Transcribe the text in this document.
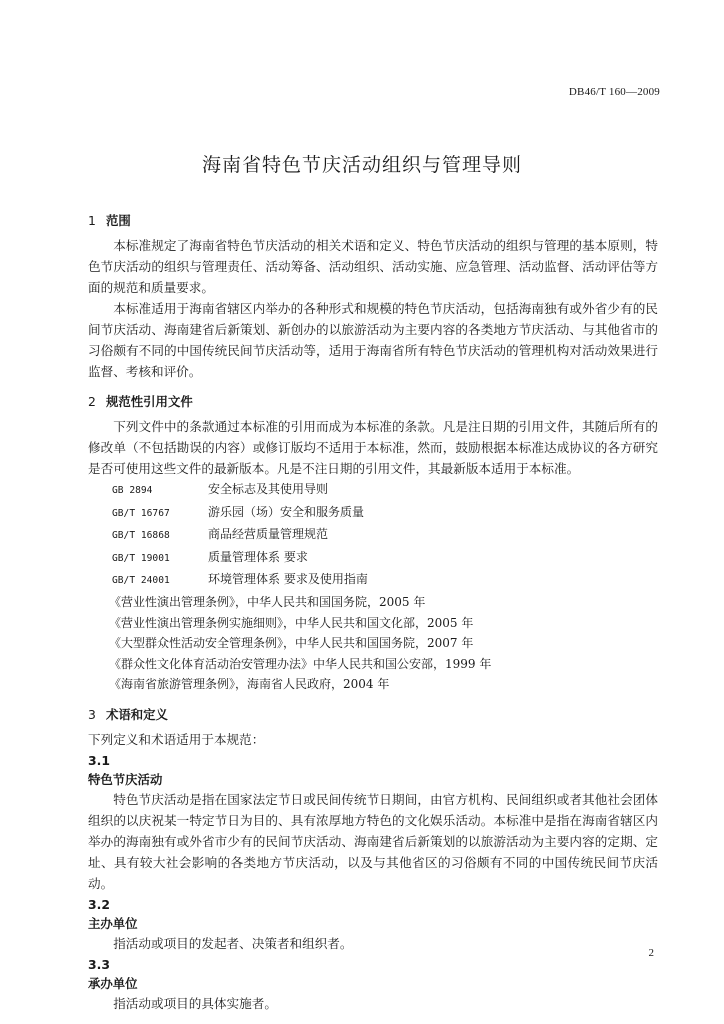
DB46/T 160—2009
海南省特色节庆活动组织与管理导则
1 范围

本标准规定了海南省特色节庆活动的相关术语和定义、特色节庆活动的组织与管理的基本原则，特色节庆活动的组织与管理责任、活动筹备、活动组织、活动实施、应急管理、活动监督、活动评估等方面的规范和质量要求。

本标准适用于海南省辖区内举办的各种形式和规模的特色节庆活动，包括海南独有或外省少有的民间节庆活动、海南建省后新策划、新创办的以旅游活动为主要内容的各类地方节庆活动、与其他省市的习俗颇有不同的中国传统民间节庆活动等，适用于海南省所有特色节庆活动的管理机构对活动效果进行监督、考核和评价。

2 规范性引用文件

下列文件中的条款通过本标准的引用而成为本标准的条款。凡是注日期的引用文件，其随后所有的修改单（不包括勘误的内容）或修订版均不适用于本标准，然而，鼓励根据本标准达成协议的各方研究是否可使用这些文件的最新版本。凡是不注日期的引用文件，其最新版本适用于本标准。

GB 2894	安全标志及其使用导则
GB/T 16767	游乐园（场）安全和服务质量
GB/T 16868	商品经营质量管理规范
GB/T 19001	质量管理体系 要求
GB/T 24001	环境管理体系 要求及使用指南
《营业性演出管理条例》，中华人民共和国国务院，2005 年
《营业性演出管理条例实施细则》，中华人民共和国文化部，2005 年
《大型群众性活动安全管理条例》，中华人民共和国国务院，2007 年
《群众性文化体育活动治安管理办法》中华人民共和国公安部，1999 年
《海南省旅游管理条例》，海南省人民政府，2004 年
3 术语和定义

下列定义和术语适用于本规范：

3.1
特色节庆活动

特色节庆活动是指在国家法定节日或民间传统节日期间，由官方机构、民间组织或者其他社会团体组织的以庆祝某一特定节日为目的、具有浓厚地方特色的文化娱乐活动。本标准中是指在海南省辖区内举办的海南独有或外省市少有的民间节庆活动、海南建省后新策划的以旅游活动为主要内容的定期、定址、具有较大社会影响的各类地方节庆活动，以及与其他省区的习俗颇有不同的中国传统民间节庆活动。

3.2
主办单位

指活动或项目的发起者、决策者和组织者。

3.3
承办单位

指活动或项目的具体实施者。

2
